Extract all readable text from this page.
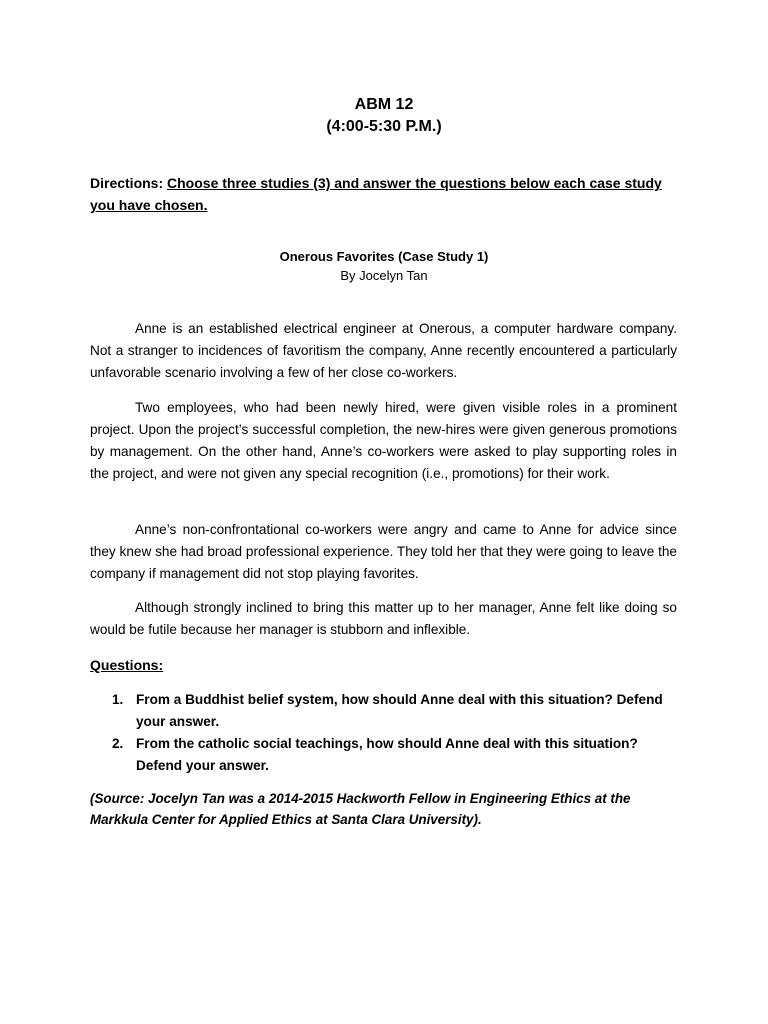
ABM 12
(4:00-5:30 P.M.)
Directions: Choose three studies (3) and answer the questions below each case study you have chosen.
Onerous Favorites (Case Study 1)
By Jocelyn Tan

Anne is an established electrical engineer at Onerous, a computer hardware company. Not a stranger to incidences of favoritism the company, Anne recently encountered a particularly unfavorable scenario involving a few of her close co-workers.

Two employees, who had been newly hired, were given visible roles in a prominent project. Upon the project’s successful completion, the new-hires were given generous promotions by management. On the other hand, Anne’s co-workers were asked to play supporting roles in the project, and were not given any special recognition (i.e., promotions) for their work.

Anne’s non-confrontational co-workers were angry and came to Anne for advice since they knew she had broad professional experience. They told her that they were going to leave the company if management did not stop playing favorites.

Although strongly inclined to bring this matter up to her manager, Anne felt like doing so would be futile because her manager is stubborn and inflexible.

Questions:
1. From a Buddhist belief system, how should Anne deal with this situation? Defend your answer.
2. From the catholic social teachings, how should Anne deal with this situation? Defend your answer.
(Source: Jocelyn Tan was a 2014-2015 Hackworth Fellow in Engineering Ethics at the Markkula Center for Applied Ethics at Santa Clara University).
